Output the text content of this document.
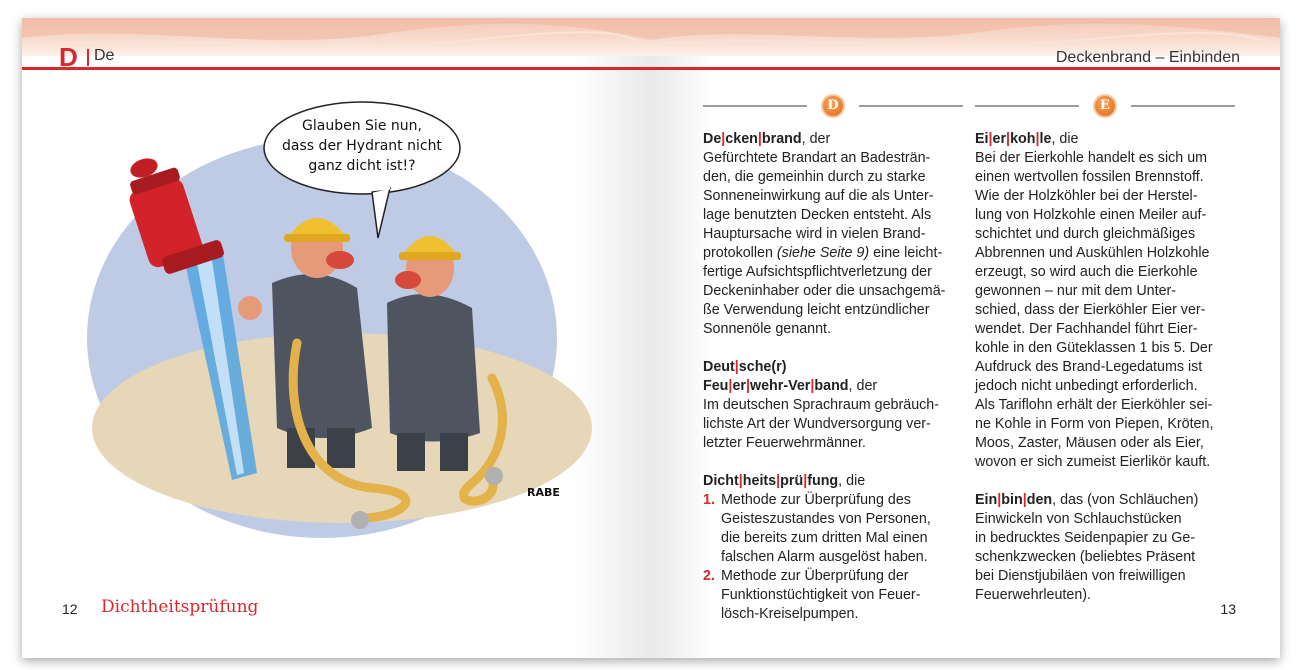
D De
Glauben Sie nun,
dass der Hydrant nicht
ganz dicht ist!?
RABE
12 Dichtheitsprüfung
Deckenbrand – Einbinden
D
De|cken|brand, der
Gefürchtete Brandart an Badesträn-
den, die gemeinhin durch zu starke
Sonneneinwirkung auf die als Unter-
lage benutzten Decken entsteht. Als
Hauptursache wird in vielen Brand-
protokollen (siehe Seite 9) eine leicht-
fertige Aufsichtspflichtverletzung der
Deckeninhaber oder die unsachgemä-
ße Verwendung leicht entzündlicher
Sonnenöle genannt.
Deut|sche(r)
Feu|er|wehr-Ver|band, der
Im deutschen Sprachraum gebräuch-
lichste Art der Wundversorgung ver-
letzter Feuerwehrmänner.
Dicht|heits|prü|fung, die
1. Methode zur Überprüfung des
Geisteszustandes von Personen,
die bereits zum dritten Mal einen
falschen Alarm ausgelöst haben.
2. Methode zur Überprüfung der
Funktionstüchtigkeit von Feuer-
lösch-Kreiselpumpen.
E
Ei|er|koh|le, die
Bei der Eierkohle handelt es sich um
einen wertvollen fossilen Brennstoff.
Wie der Holzköhler bei der Herstel-
lung von Holzkohle einen Meiler auf-
schichtet und durch gleichmäßiges
Abbrennen und Auskühlen Holzkohle
erzeugt, so wird auch die Eierkohle
gewonnen – nur mit dem Unter-
schied, dass der Eierköhler Eier ver-
wendet. Der Fachhandel führt Eier-
kohle in den Güteklassen 1 bis 5. Der
Aufdruck des Brand-Legedatums ist
jedoch nicht unbedingt erforderlich.
Als Tariflohn erhält der Eierköhler sei-
ne Kohle in Form von Piepen, Kröten,
Moos, Zaster, Mäusen oder als Eier,
wovon er sich zumeist Eierlikör kauft.
Ein|bin|den, das (von Schläuchen)
Einwickeln von Schlauchstücken
in bedrucktes Seidenpapier zu Ge-
schenkzwecken (beliebtes Präsent
bei Dienstjubiläen von freiwilligen
Feuerwehrleuten).
13
